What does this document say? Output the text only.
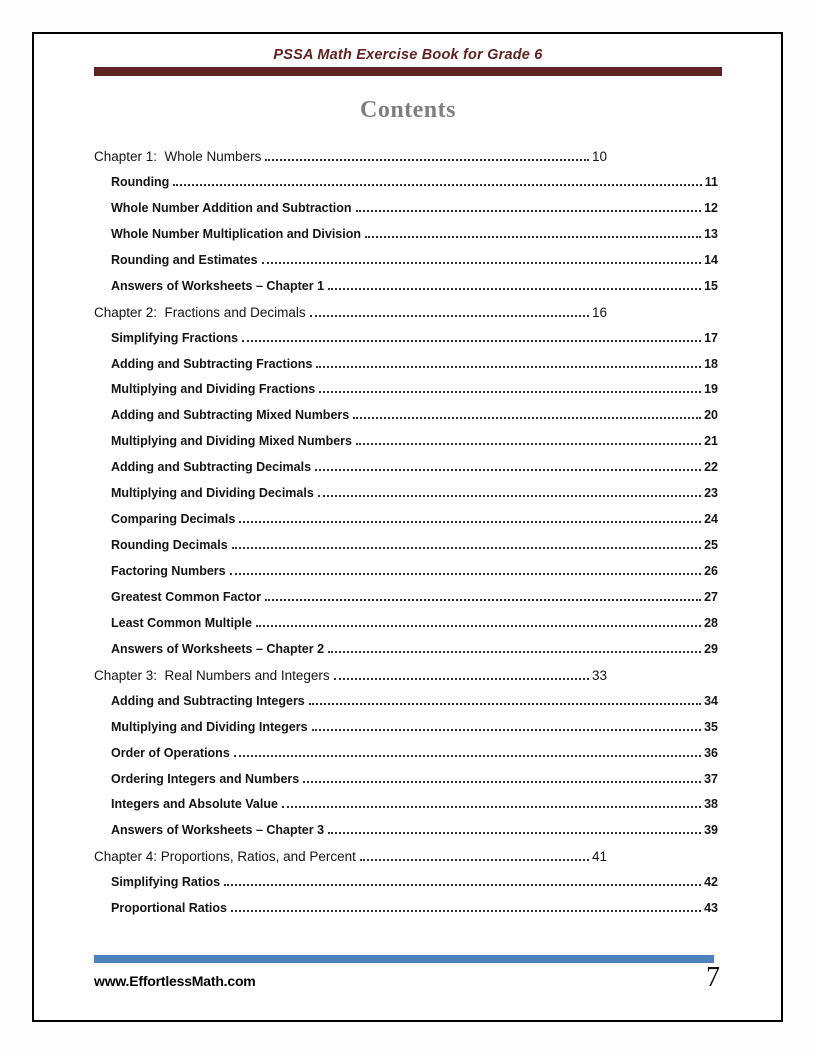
PSSA Math Exercise Book for Grade 6
Contents
Chapter 1:  Whole Numbers	10
Rounding	11
Whole Number Addition and Subtraction	12
Whole Number Multiplication and Division	13
Rounding and Estimates	14
Answers of Worksheets – Chapter 1	15
Chapter 2:  Fractions and Decimals	16
Simplifying Fractions	17
Adding and Subtracting Fractions	18
Multiplying and Dividing Fractions	19
Adding and Subtracting Mixed Numbers	20
Multiplying and Dividing Mixed Numbers	21
Adding and Subtracting Decimals	22
Multiplying and Dividing Decimals	23
Comparing Decimals	24
Rounding Decimals	25
Factoring Numbers	26
Greatest Common Factor	27
Least Common Multiple	28
Answers of Worksheets – Chapter 2	29
Chapter 3:  Real Numbers and Integers	33
Adding and Subtracting Integers	34
Multiplying and Dividing Integers	35
Order of Operations	36
Ordering Integers and Numbers	37
Integers and Absolute Value	38
Answers of Worksheets – Chapter 3	39
Chapter 4: Proportions, Ratios, and Percent	41
Simplifying Ratios	42
Proportional Ratios	43
www.EffortlessMath.com	7
